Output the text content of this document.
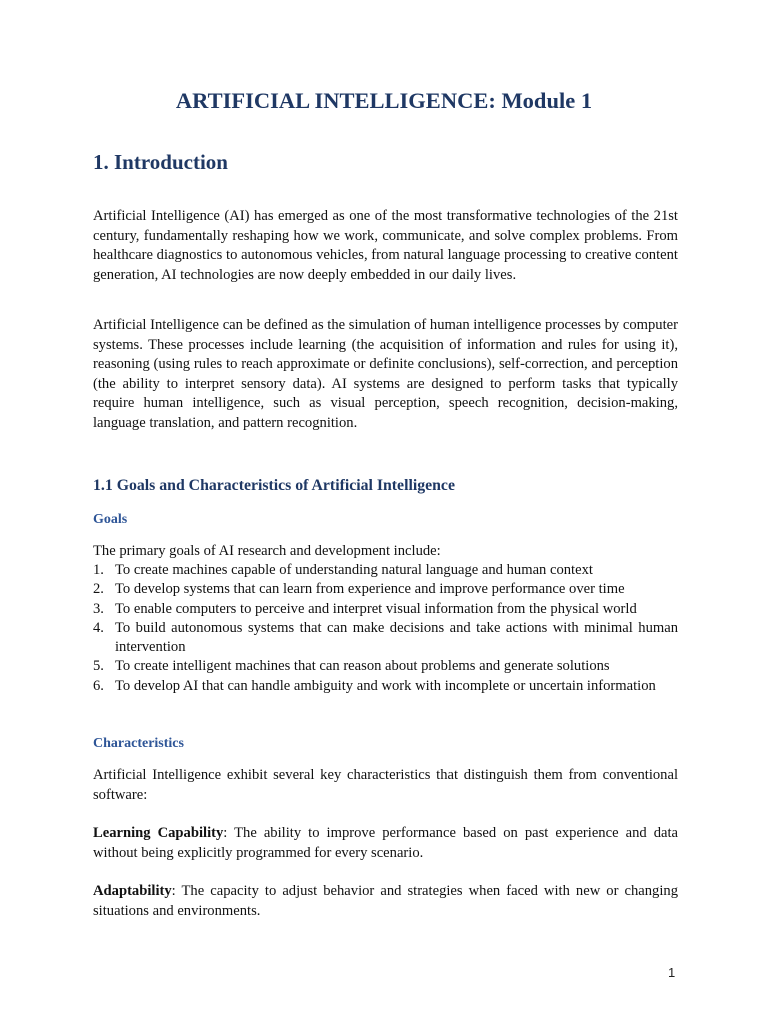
ARTIFICIAL INTELLIGENCE: Module 1
1. Introduction

Artificial Intelligence (AI) has emerged as one of the most transformative technologies of the 21st century, fundamentally reshaping how we work, communicate, and solve complex problems. From healthcare diagnostics to autonomous vehicles, from natural language processing to creative content generation, AI technologies are now deeply embedded in our daily lives.

Artificial Intelligence can be defined as the simulation of human intelligence processes by computer systems. These processes include learning (the acquisition of information and rules for using it), reasoning (using rules to reach approximate or definite conclusions), self-correction, and perception (the ability to interpret sensory data). AI systems are designed to perform tasks that typically require human intelligence, such as visual perception, speech recognition, decision-making, language translation, and pattern recognition.

1.1 Goals and Characteristics of Artificial Intelligence
Goals

The primary goals of AI research and development include:

1. To create machines capable of understanding natural language and human context
2. To develop systems that can learn from experience and improve performance over time
3. To enable computers to perceive and interpret visual information from the physical world
4. To build autonomous systems that can make decisions and take actions with minimal human intervention
5. To create intelligent machines that can reason about problems and generate solutions
6. To develop AI that can handle ambiguity and work with incomplete or uncertain information
Characteristics

Artificial Intelligence exhibit several key characteristics that distinguish them from conventional software:

Learning Capability: The ability to improve performance based on past experience and data without being explicitly programmed for every scenario.

Adaptability: The capacity to adjust behavior and strategies when faced with new or changing situations and environments.

1
